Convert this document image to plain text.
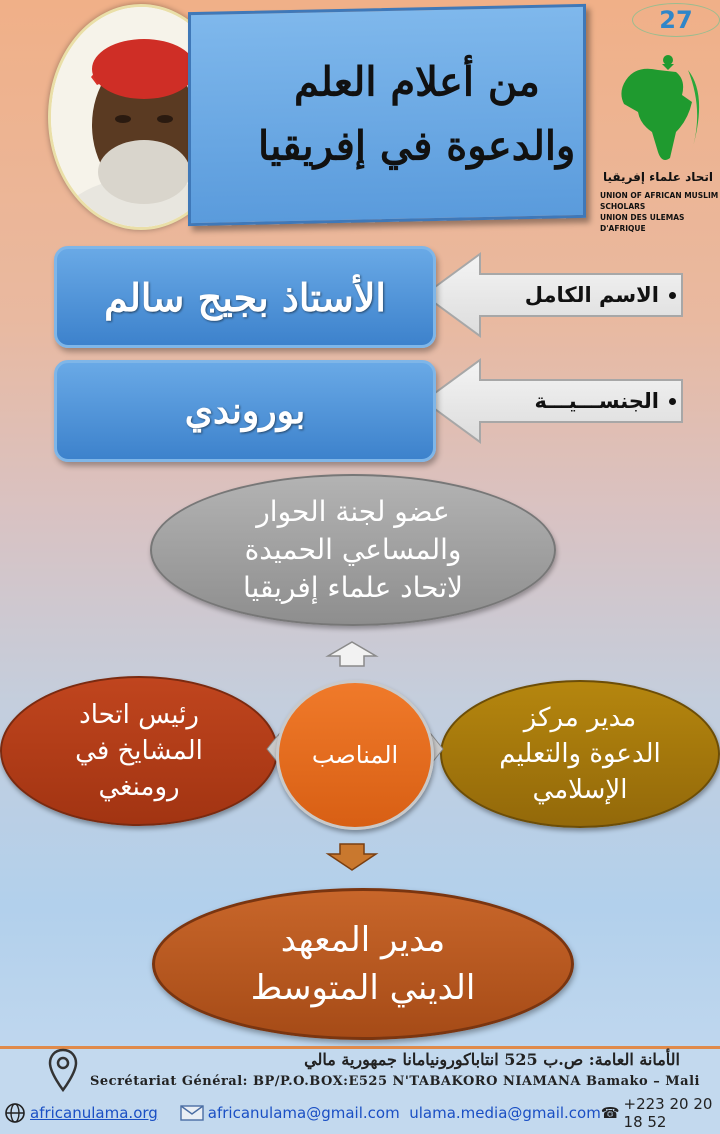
من أعلام العلم
والدعوة في إفريقيا
27
اتحاد علماء إفريقيا
UNION OF AFRICAN MUSLIM SCHOLARS
UNION DES ULEMAS D'AFRIQUE
الاسم الكامل
الأستاذ بجيج سالم
الجنســـيـــة
بوروندي
عضو لجنة الحوار
والمساعي الحميدة
لاتحاد علماء إفريقيا
رئيس اتحاد
المشايخ في
رومنغي
مدير مركز
الدعوة والتعليم
الإسلامي
المناصب
مدير المعهد
الديني المتوسط
الأمانة العامة: ص.ب 525 انتاباكورونيامانا جمهورية مالي
Secrétariat Général: BP/P.O.BOX:E525 N'TABAKORO NIAMANA Bamako – Mali
africanulama.org	africanulama@gmail.com  ulama.media@gmail.com ☎ +223 20 20 18 52
